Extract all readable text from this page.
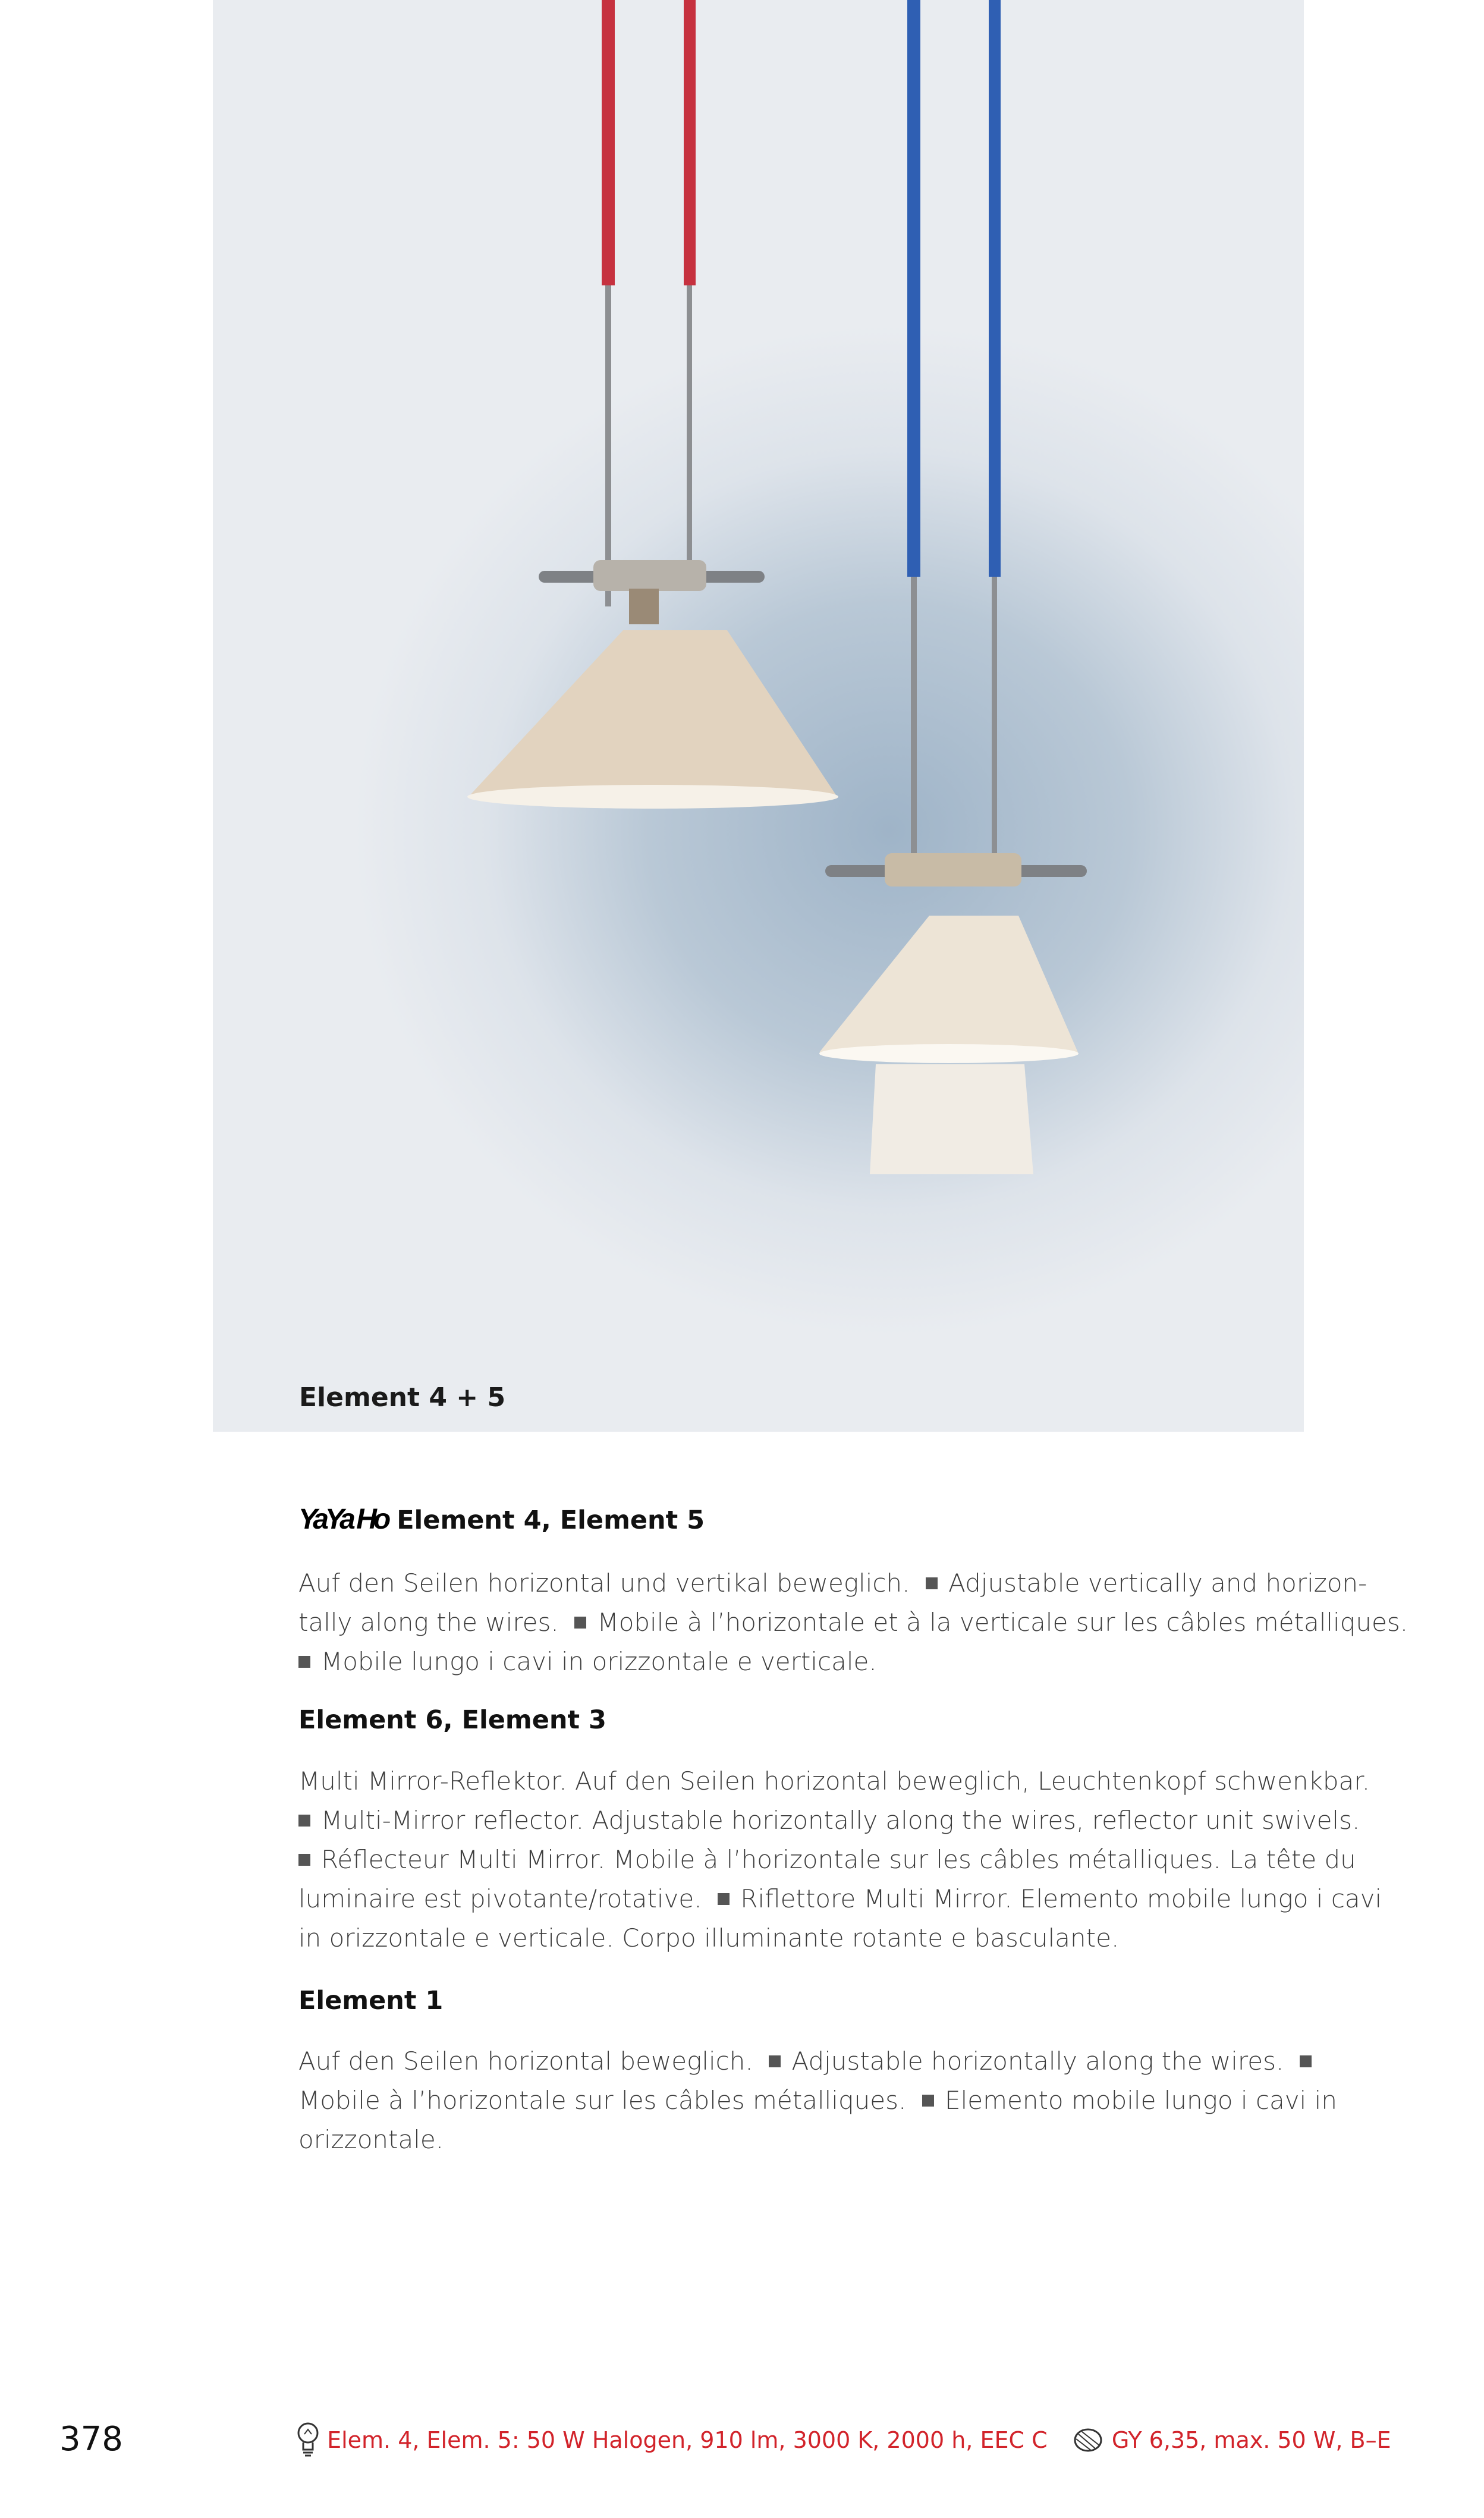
Element 4 + 5
YaYa Ho Element 4, Element 5
Auf den Seilen horizontal und vertikal beweglich. Adjustable vertically and horizon-
tally along the wires. Mobile à l’horizontale et à la verticale sur les câbles métalliques.
Mobile lungo i cavi in orizzontale e verticale.
Element 6, Element 3
Multi Mirror-Reflektor. Auf den Seilen horizontal beweglich, Leuchtenkopf schwenkbar.
Multi-Mirror reflector. Adjustable horizontally along the wires, reflector unit swivels.
Réflecteur Multi Mirror. Mobile à l’horizontale sur les câbles métalliques. La tête du
luminaire est pivotante/rotative. Riflettore Multi Mirror. Elemento mobile lungo i cavi
in orizzontale e verticale. Corpo illuminante rotante e basculante.
Element 1
Auf den Seilen horizontal beweglich. Adjustable horizontally along the wires.
Mobile à l’horizontale sur les câbles métalliques. Elemento mobile lungo i cavi in
orizzontale.
378	Elem. 4, Elem. 5: 50 W Halogen, 910 lm, 3000 K, 2000 h, EEC C	GY 6,35, max. 50 W, B–E
